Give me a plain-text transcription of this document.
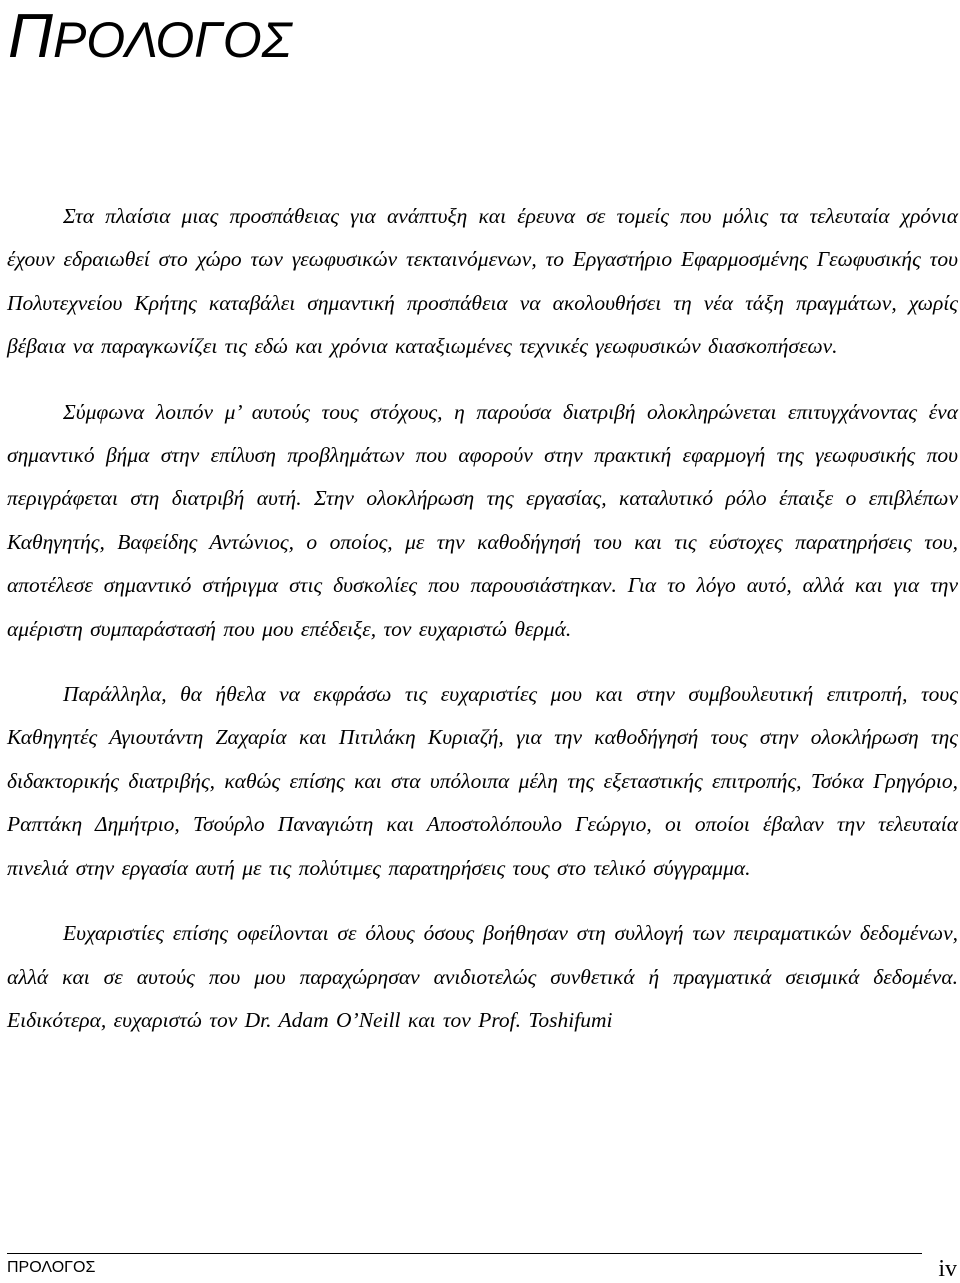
ΠΡΟΛΟΓΟΣ

Στα πλαίσια μιας προσπάθειας για ανάπτυξη και έρευνα σε τομείς που μόλις τα τελευταία χρόνια έχουν εδραιωθεί στο χώρο των γεωφυσικών τεκταινόμενων, το Εργαστήριο Εφαρμοσμένης Γεωφυσικής του Πολυτεχνείου Κρήτης καταβάλει σημαντική προσπάθεια να ακολουθήσει τη νέα τάξη πραγμάτων, χωρίς βέβαια να παραγκωνίζει τις εδώ και χρόνια καταξιωμένες τεχνικές γεωφυσικών διασκοπήσεων.

Σύμφωνα λοιπόν μ’ αυτούς τους στόχους, η παρούσα διατριβή ολοκληρώνεται επιτυγχάνοντας ένα σημαντικό βήμα στην επίλυση προβλημάτων που αφορούν στην πρακτική εφαρμογή της γεωφυσικής που περιγράφεται στη διατριβή αυτή. Στην ολοκλήρωση της εργασίας, καταλυτικό ρόλο έπαιξε ο επιβλέπων Καθηγητής, Βαφείδης Αντώνιος, ο οποίος, με την καθοδήγησή του και τις εύστοχες παρατηρήσεις του, αποτέλεσε σημαντικό στήριγμα στις δυσκολίες που παρουσιάστηκαν. Για το λόγο αυτό, αλλά και για την αμέριστη συμπαράστασή που μου επέδειξε, τον ευχαριστώ θερμά.

Παράλληλα, θα ήθελα να εκφράσω τις ευχαριστίες μου και στην συμβουλευτική επιτροπή, τους Καθηγητές Αγιουτάντη Ζαχαρία και Πιτιλάκη Κυριαζή, για την καθοδήγησή τους στην ολοκλήρωση της διδακτορικής διατριβής, καθώς επίσης και στα υπόλοιπα μέλη της εξεταστικής επιτροπής, Τσόκα Γρηγόριο, Ραπτάκη Δημήτριο, Τσούρλο Παναγιώτη και Αποστολόπουλο Γεώργιο, οι οποίοι έβαλαν την τελευταία πινελιά στην εργασία αυτή με τις πολύτιμες παρατηρήσεις τους στο τελικό σύγγραμμα.

Ευχαριστίες επίσης οφείλονται σε όλους όσους βοήθησαν στη συλλογή των πειραματικών δεδομένων, αλλά και σε αυτούς που μου παραχώρησαν ανιδιοτελώς συνθετικά ή πραγματικά σεισμικά δεδομένα. Ειδικότερα, ευχαριστώ τον Dr. Adam O’Neill και τον Prof. Toshifumi

ΠΡΟΛΟΓΟΣ	iv
